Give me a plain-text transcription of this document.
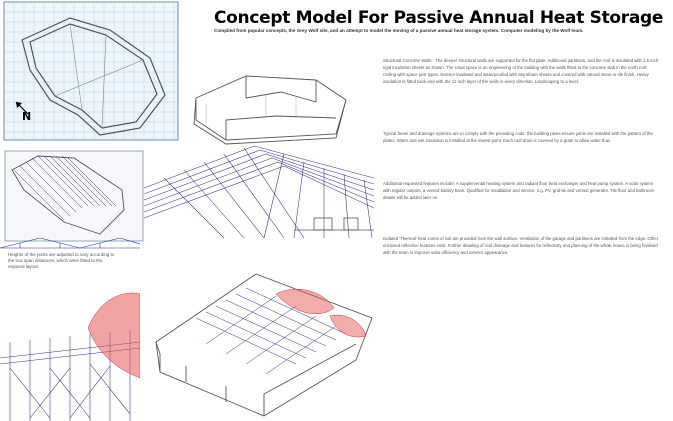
Concept Model For Passive Annual Heat Storage
Compiled from popular concepts, the Grey Wolf site, and an attempt to model the moving of a passive annual heat storage system. Computer modeling by the Wolf team.
N
Heights of the posts are adjusted to vary according to the box span distances, which were fitted to the required layout.
Structural Concrete Walls - The deeper structural walls are supported for the flat plate. Additional partitions, and the roof is insulated with 1.5 inch rigid insulation sheets as shown. The crawl space is an engineering of the building with the walls fitted to the concrete slab in the north roof. Ceiling with space joist types. Exterior insulated and waterproofed with Styrofoam sheets and covered with natural stone or tile finish. Heavy insulation is fitted back and with the 12 inch layer of the walls in every direction. Landscaping to a level.
Typical beam and drainage systems are to comply with the prevailing code: the building plans ensure joints are installed with the pattern of the plates. Water and wet insulation is installed at the lowest point. Each roof drain is covered by a grate to allow water flow.
Additional requested features include: A supplemental heating system and radiant floor heat exchanger and heat pump system. A solar system with regular outputs, a vented battery bank. Qualified for installation and service, e.g. PV, grid-tie and vented generator. Tile floor and bathroom details will be added later on.
Isolated 'Thermal' heat zones of soil are provided from the wall surface. Ventilation of the garage and partitions are installed from the edge. Other enclosed reflective features exist. Further detailing of roof drainage and features for reflectivity and planning of the whole house is being finalised with the team to improve solar efficiency and exterior appearance.
